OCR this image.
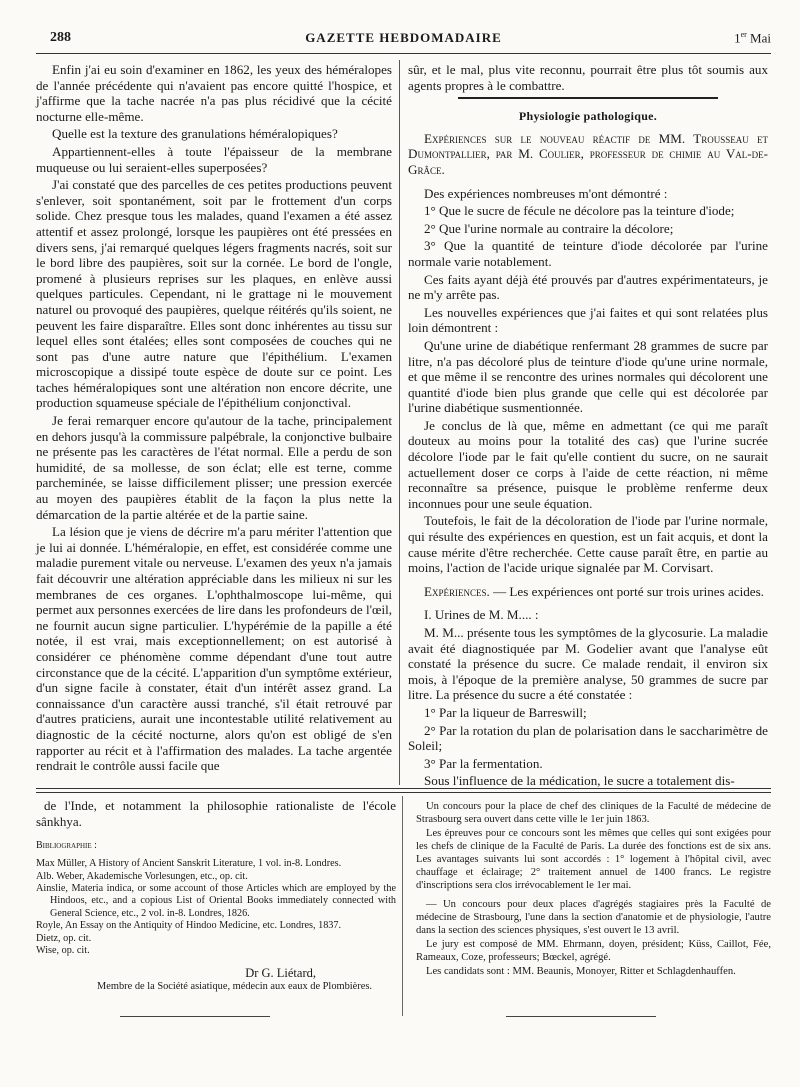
288	GAZETTE HEBDOMADAIRE	1er Mai

Enfin j'ai eu soin d'examiner en 1862, les yeux des héméralopes de l'année précédente qui n'avaient pas encore quitté l'hospice, et j'affirme que la tache nacrée n'a pas plus récidivé que la cécité nocturne elle-même.

Quelle est la texture des granulations héméralopiques?

Appartiennent-elles à toute l'épaisseur de la membrane muqueuse ou lui seraient-elles superposées?

J'ai constaté que des parcelles de ces petites productions peuvent s'enlever, soit spontanément, soit par le frottement d'un corps solide. Chez presque tous les malades, quand l'examen a été assez attentif et assez prolongé, lorsque les paupières ont été pressées en divers sens, j'ai remarqué quelques légers fragments nacrés, soit sur le bord libre des paupières, soit sur la cornée. Le bord de l'ongle, promené à plusieurs reprises sur les plaques, en enlève aussi quelques particules. Cependant, ni le grattage ni le mouvement naturel ou provoqué des paupières, quelque réitérés qu'ils soient, ne peuvent les faire disparaître. Elles sont donc inhérentes au tissu sur lequel elles sont étalées; elles sont composées de couches qui ne sont pas d'une autre nature que l'épithélium. L'examen microscopique a dissipé toute espèce de doute sur ce point. Les taches héméralopiques sont une altération non encore décrite, une production squameuse spéciale de l'épithélium conjonctival.

Je ferai remarquer encore qu'autour de la tache, principalement en dehors jusqu'à la commissure palpébrale, la conjonctive bulbaire ne présente pas les caractères de l'état normal. Elle a perdu de son humidité, de sa mollesse, de son éclat; elle est terne, comme parcheminée, se laisse difficilement plisser; une pression exercée au moyen des paupières établit de la façon la plus nette la démarcation de la partie altérée et de la partie saine.

La lésion que je viens de décrire m'a paru mériter l'attention que je lui ai donnée. L'héméralopie, en effet, est considérée comme une maladie purement vitale ou nerveuse. L'examen des yeux n'a jamais fait découvrir une altération appréciable dans les milieux ni sur les membranes de ces organes. L'ophthalmoscope lui-même, qui permet aux personnes exercées de lire dans les profondeurs de l'œil, ne fournit aucun signe particulier. L'hypérémie de la papille a été notée, il est vrai, mais exceptionnellement; on est autorisé à considérer ce phénomène comme dépendant d'une tout autre circonstance que de la cécité. L'apparition d'un symptôme extérieur, d'un signe facile à constater, était d'un intérêt assez grand. La connaissance d'un caractère aussi tranché, s'il était retrouvé par d'autres praticiens, aurait une incontestable utilité relativement au diagnostic de la cécité nocturne, alors qu'on est obligé de s'en rapporter au récit et à l'affirmation des malades. La tache argentée rendrait le contrôle aussi facile que

sûr, et le mal, plus vite reconnu, pourrait être plus tôt soumis aux agents propres à le combattre.

Physiologie pathologique.

Expériences sur le nouveau réactif de MM. Trousseau et Dumontpallier, par M. Coulier, professeur de chimie au Val-de-Grâce.

Des expériences nombreuses m'ont démontré :

1° Que le sucre de fécule ne décolore pas la teinture d'iode;

2° Que l'urine normale au contraire la décolore;

3° Que la quantité de teinture d'iode décolorée par l'urine normale varie notablement.

Ces faits ayant déjà été prouvés par d'autres expérimentateurs, je ne m'y arrête pas.

Les nouvelles expériences que j'ai faites et qui sont relatées plus loin démontrent :

Qu'une urine de diabétique renfermant 28 grammes de sucre par litre, n'a pas décoloré plus de teinture d'iode qu'une urine normale, et que même il se rencontre des urines normales qui décolorent une quantité d'iode bien plus grande que celle qui est décolorée par l'urine diabétique susmentionnée.

Je conclus de là que, même en admettant (ce qui me paraît douteux au moins pour la totalité des cas) que l'urine sucrée décolore l'iode par le fait qu'elle contient du sucre, on ne saurait actuellement doser ce corps à l'aide de cette réaction, ni même reconnaître sa présence, puisque le problème renferme deux inconnues pour une seule équation.

Toutefois, le fait de la décoloration de l'iode par l'urine normale, qui résulte des expériences en question, est un fait acquis, et dont la cause mérite d'être recherchée. Cette cause paraît être, en partie au moins, l'action de l'acide urique signalée par M. Corvisart.

Expériences. — Les expériences ont porté sur trois urines acides.

I. Urines de M. M.... :

M. M... présente tous les symptômes de la glycosurie. La maladie avait été diagnostiquée par M. Godelier avant que l'analyse eût constaté la présence du sucre. Ce malade rendait, il environ six mois, à l'époque de la première analyse, 50 grammes de sucre par litre. La présence du sucre a été constatée :

1° Par la liqueur de Barreswill;

2° Par la rotation du plan de polarisation dans le saccharimètre de Soleil;

3° Par la fermentation.

Sous l'influence de la médication, le sucre a totalement dis-

de l'Inde, et notamment la philosophie rationaliste de l'école sânkhya.

Bibliographie :

Max Müller, A History of Ancient Sanskrit Literature, 1 vol. in-8. Londres.

Alb. Weber, Akademische Vorlesungen, etc., op. cit.

Ainslie, Materia indica, or some account of those Articles which are employed by the Hindoos, etc., and a copious List of Oriental Books immediately connected with General Science, etc., 2 vol. in-8. Londres, 1826.

Royle, An Essay on the Antiquity of Hindoo Medicine, etc. Londres, 1837.

Dietz, op. cit.

Wise, op. cit.

Dr G. Liétard,
Membre de la Société asiatique, médecin aux eaux de Plombières.

Un concours pour la place de chef des cliniques de la Faculté de médecine de Strasbourg sera ouvert dans cette ville le 1er juin 1863.

Les épreuves pour ce concours sont les mêmes que celles qui sont exigées pour les chefs de clinique de la Faculté de Paris. La durée des fonctions est de six ans. Les avantages suivants lui sont accordés : 1° logement à l'hôpital civil, avec chauffage et éclairage; 2° traitement annuel de 1400 francs. Le registre d'inscriptions sera clos irrévocablement le 1er mai.

— Un concours pour deux places d'agrégés stagiaires près la Faculté de médecine de Strasbourg, l'une dans la section d'anatomie et de physiologie, l'autre dans la section des sciences physiques, s'est ouvert le 13 avril.

Le jury est composé de MM. Ehrmann, doyen, président; Küss, Caillot, Fée, Rameaux, Coze, professeurs; Bœckel, agrégé.

Les candidats sont : MM. Beaunis, Monoyer, Ritter et Schlagdenhauffen.
